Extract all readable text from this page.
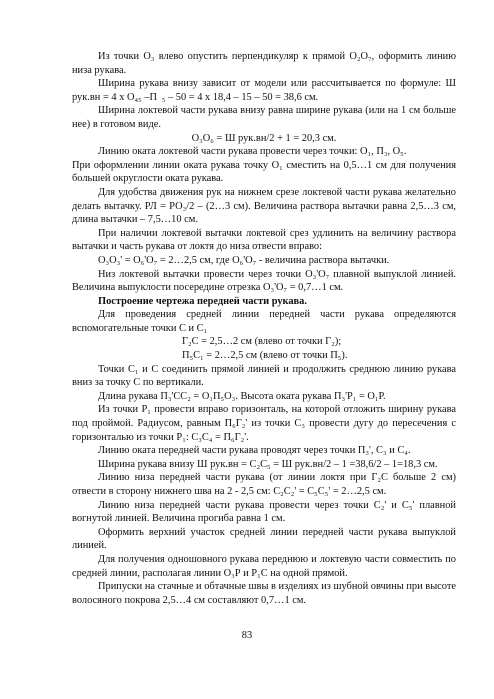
Из точки О₃ влево опустить перпендикуляр к прямой О₂О₇, оформить линию низа рукава.

Ширина рукава внизу зависит от модели или рассчитывается по формуле: Ш рук.вн = 4 х О₄₅ –П  ₅ – 50 = 4 х 18,4 – 15 – 50 = 38,6 см.

Ширина локтевой части рукава внизу равна ширине рукава (или на 1 см больше нее) в готовом виде.

О₃О₆ = Ш рук.вн/2 + 1 = 20,3 см.

Линию оката локтевой части рукава провести через точки: О₁, П₃, О₅.

При оформлении линии оката рукава точку О₁ сместить на 0,5…1 см для получения большей округлости оката рукава.

Для удобства движения рук на нижнем срезе локтевой части рукава желательно делать вытачку. РЛ = РО₃/2 – (2…3 см). Величина раствора вытачки равна 2,5…3 см, длина вытачки – 7,5…10 см.

При наличии локтевой вытачки локтевой срез удлинить на величину раствора вытачки и часть рукава от локтя до низа отвести вправо:

О₃О₃' = О₆'О₇ = 2…2,5 см, где О₆'О₇ - величина раствора вытачки.

Низ локтевой вытачки провести через точки О₃'О₇ плавной выпуклой линией. Величина выпуклости посередине отрезка О₃'О₇ = 0,7…1 см.

Построение чертежа передней части рукава.

Для проведения средней линии передней части рукава определяются вспомогательные точки С и С₁

Г₂С = 2,5…2 см (влево от точки Г₂);

П₅С₁ = 2…2,5 см (влево от точки П₅).

Точки С₁ и С соединить прямой линией и продолжить среднюю линию рукава вниз за точку С по вертикали.

Длина рукава П₃'СС₂ = О₁П₅О₃. Высота оката рукава П₃'Р₁ = О₁Р.

Из точки Р₁ провести вправо горизонталь, на которой отложить ширину рукава под проймой. Радиусом, равным П₆Г₂' из точки С₃ провести дугу до пересечения с горизонталью из точки Р₁: С₃С₄ = П₆Г₂'.

Линию оката передней части рукава проводят через точки П₃', С₃ и С₄.

Ширина рукава внизу Ш рук.вн = С₂С₅ = Ш рук.вн/2 – 1 =38,6/2 – 1=18,3 см.

Линию низа передней части рукава (от линии локтя при Г₂С больше 2 см) отвести в сторону нижнего шва на 2 - 2,5 см: С₂С₂' = С₅С₅' = 2…2,5 см.

Линию низа передней части рукава провести через точки С₂' и С₅' плавной вогнутой линией. Величина прогиба равна 1 см.

Оформить верхний участок средней линии передней части рукава выпуклой линией.

Для получения одношовного рукава переднюю и локтевую части совместить по средней линии, располагая линии О₃Р и Р₁С на одной прямой.

Припуски на стачные и обтачные швы в изделиях из шубной овчины при высоте волосяного покрова 2,5…4 см составляют 0,7…1 см.

83
